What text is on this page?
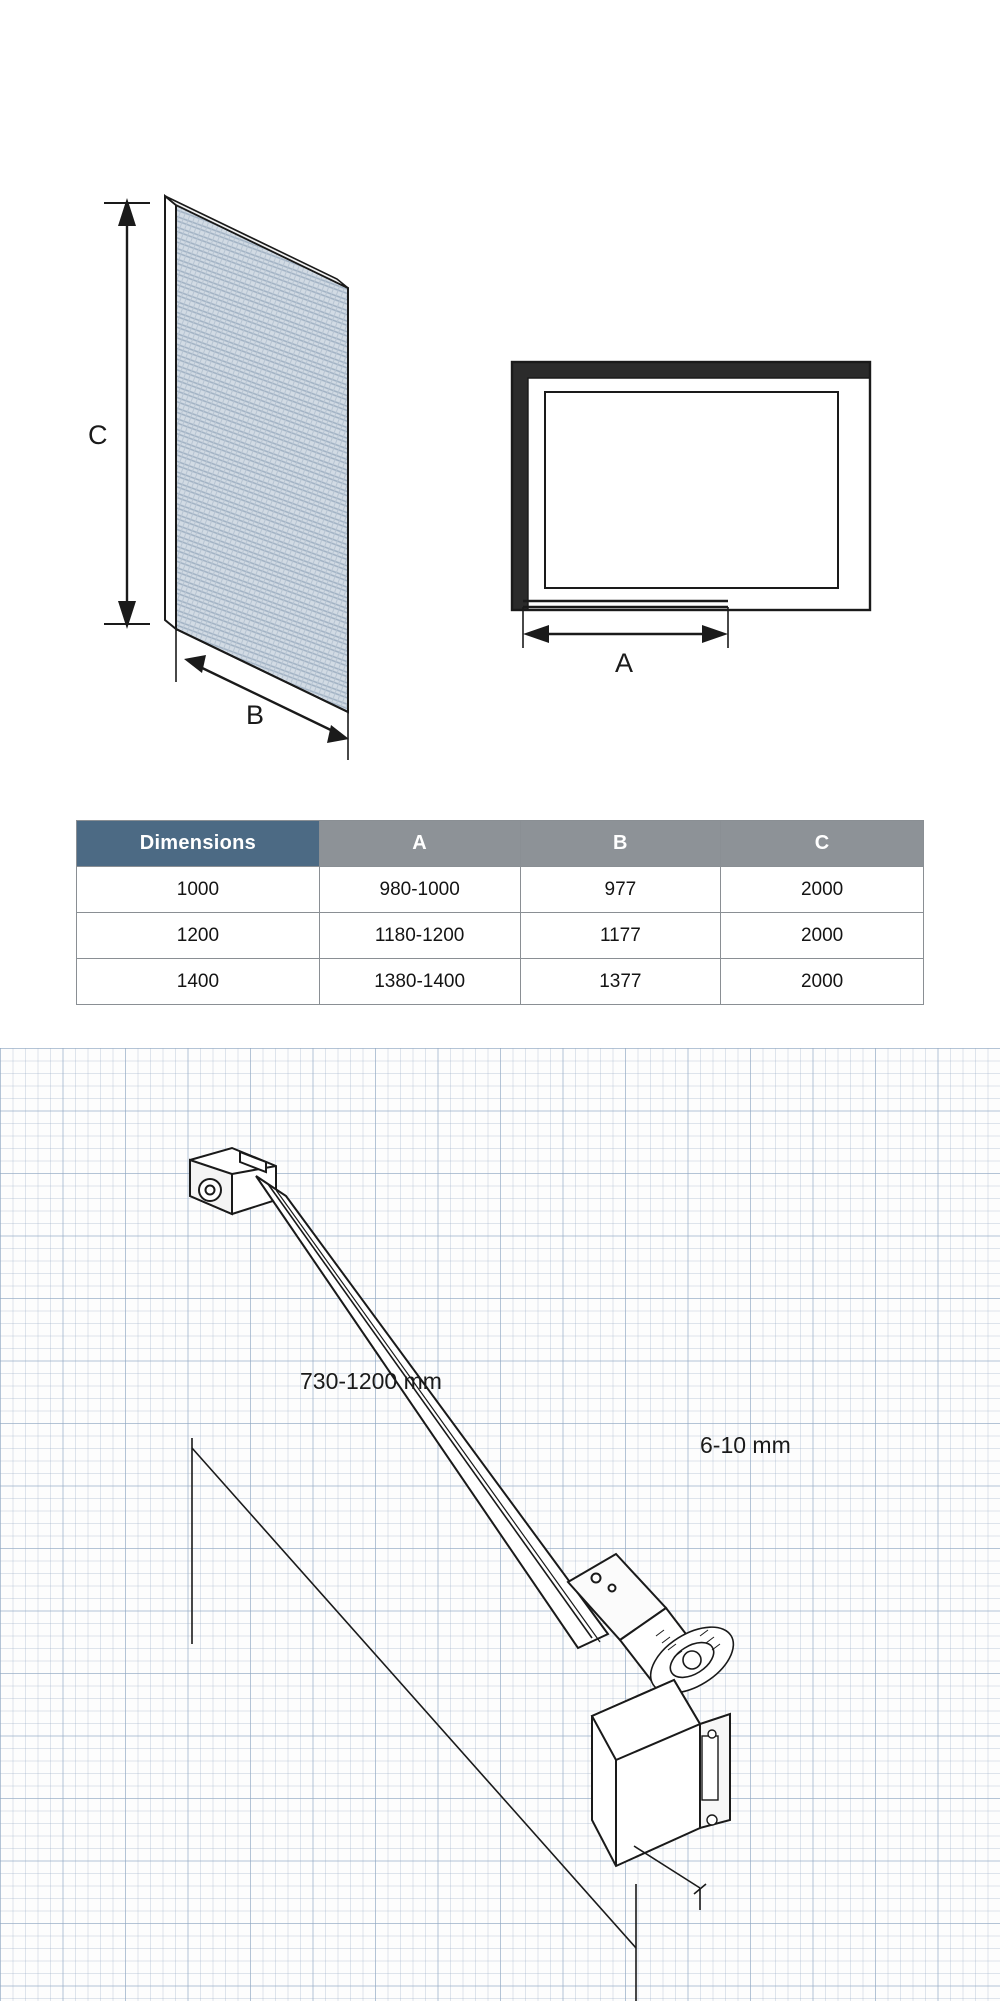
C
B
A
Dimensions	A	B	C
1000	980-1000	977	2000
1200	1180-1200	1177	2000
1400	1380-1400	1377	2000
730-1200 mm
6-10 mm
